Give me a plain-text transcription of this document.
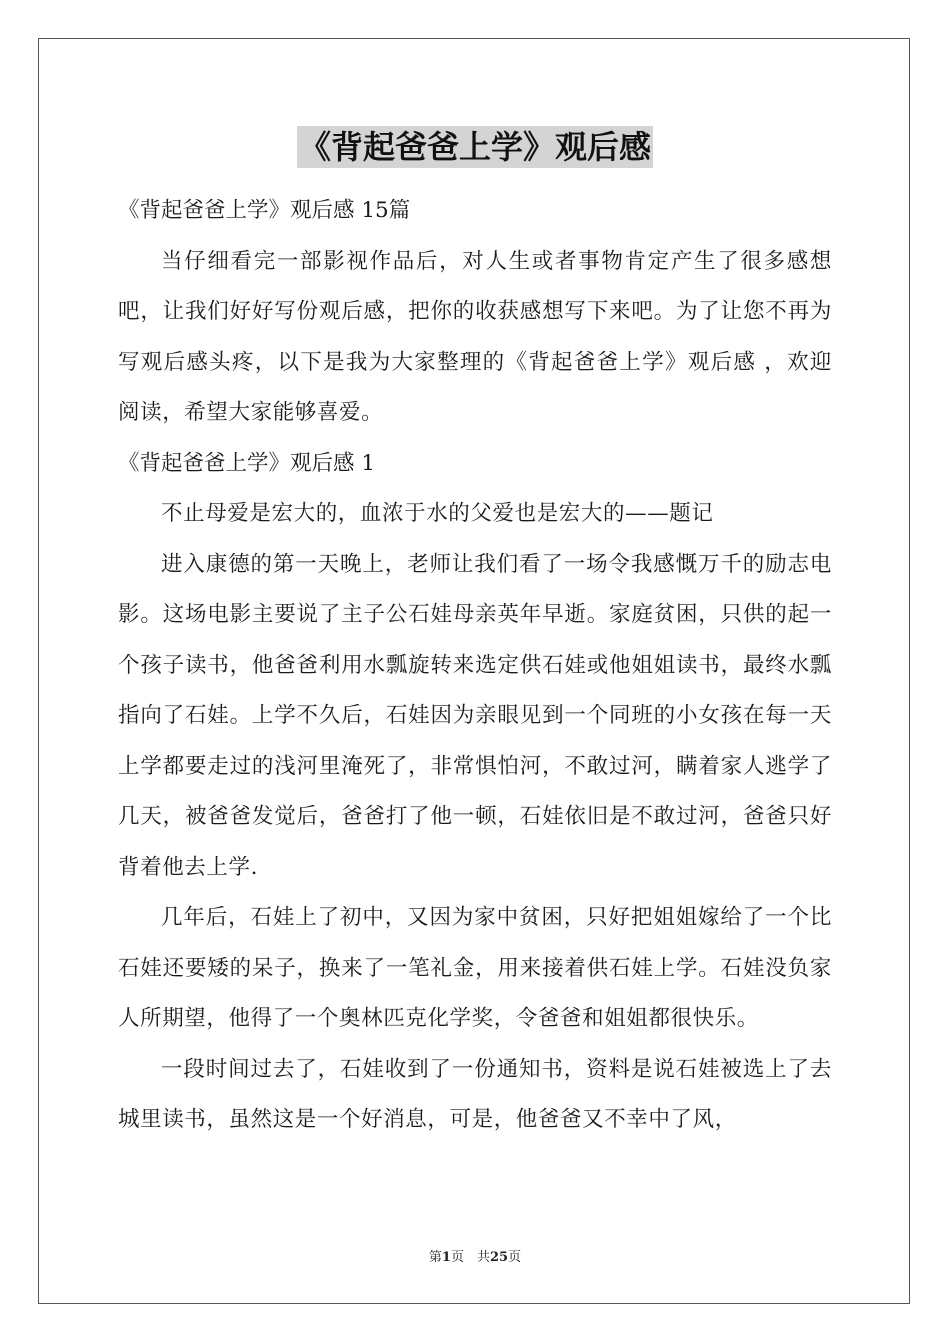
《背起爸爸上学》观后感

《背起爸爸上学》观后感 15篇

当仔细看完一部影视作品后，对人生或者事物肯定产生了很多感想吧，让我们好好写份观后感，把你的收获感想写下来吧。为了让您不再为写观后感头疼，以下是我为大家整理的《背起爸爸上学》观后感 ，欢迎阅读，希望大家能够喜爱。

《背起爸爸上学》观后感 1

不止母爱是宏大的，血浓于水的父爱也是宏大的——题记

进入康德的第一天晚上，老师让我们看了一场令我感慨万千的励志电影。这场电影主要说了主子公石娃母亲英年早逝。家庭贫困，只供的起一个孩子读书，他爸爸利用水瓢旋转来选定供石娃或他姐姐读书，最终水瓢指向了石娃。上学不久后，石娃因为亲眼见到一个同班的小女孩在每一天上学都要走过的浅河里淹死了，非常惧怕河，不敢过河，瞒着家人逃学了几天，被爸爸发觉后，爸爸打了他一顿，石娃依旧是不敢过河，爸爸只好背着他去上学.

几年后，石娃上了初中，又因为家中贫困，只好把姐姐嫁给了一个比石娃还要矮的呆子，换来了一笔礼金，用来接着供石娃上学。石娃没负家人所期望，他得了一个奥林匹克化学奖，令爸爸和姐姐都很快乐。

一段时间过去了，石娃收到了一份通知书，资料是说石娃被选上了去城里读书，虽然这是一个好消息，可是，他爸爸又不幸中了风，

第1页　共25页
